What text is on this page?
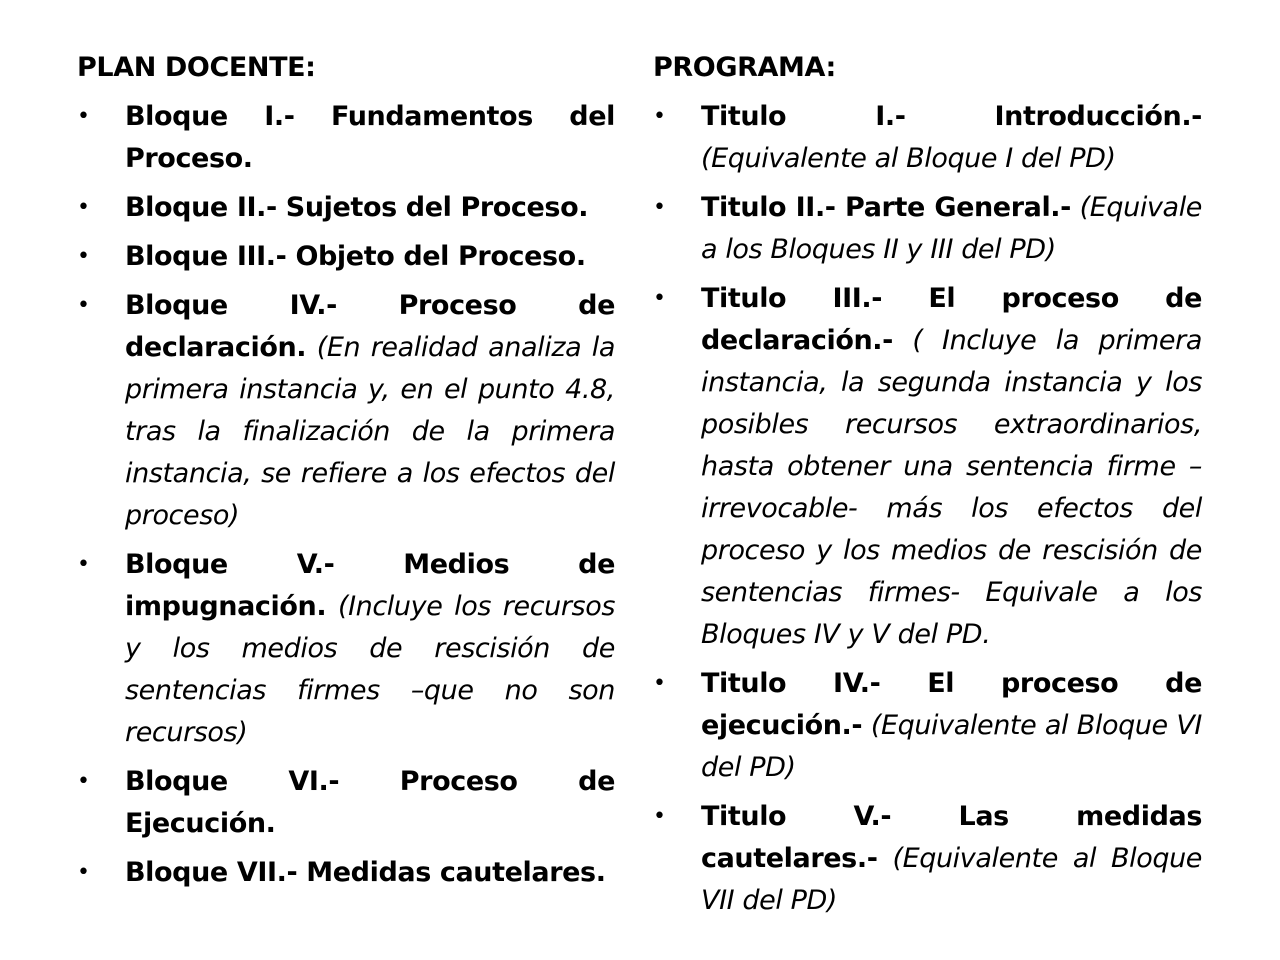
PLAN DOCENTE:
• Bloque I.- Fundamentos del Proceso.
• Bloque II.- Sujetos del Proceso.
• Bloque III.- Objeto del Proceso.
• Bloque IV.- Proceso de declaración. (En realidad analiza la primera instancia y, en el punto 4.8, tras la finalización de la primera instancia, se refiere a los efectos del proceso)
• Bloque V.- Medios de impugnación. (Incluye los recursos y los medios de rescisión de sentencias firmes –que no son recursos)
• Bloque VI.- Proceso de Ejecución.
• Bloque VII.- Medidas cautelares.
PROGRAMA:
• Titulo I.- Introducción.- (Equivalente al Bloque I del PD)
• Titulo II.- Parte General.- (Equivale a los Bloques II y III del PD)
• Titulo III.- El proceso de declaración.- ( Incluye la primera instancia, la segunda instancia y los posibles recursos extraordinarios, hasta obtener una sentencia firme –irrevocable- más los efectos del proceso y los medios de rescisión de sentencias firmes- Equivale a los Bloques IV y V del PD.
• Titulo IV.- El proceso de ejecución.- (Equivalente al Bloque VI del PD)
• Titulo V.- Las medidas cautelares.- (Equivalente al Bloque VII del PD)
